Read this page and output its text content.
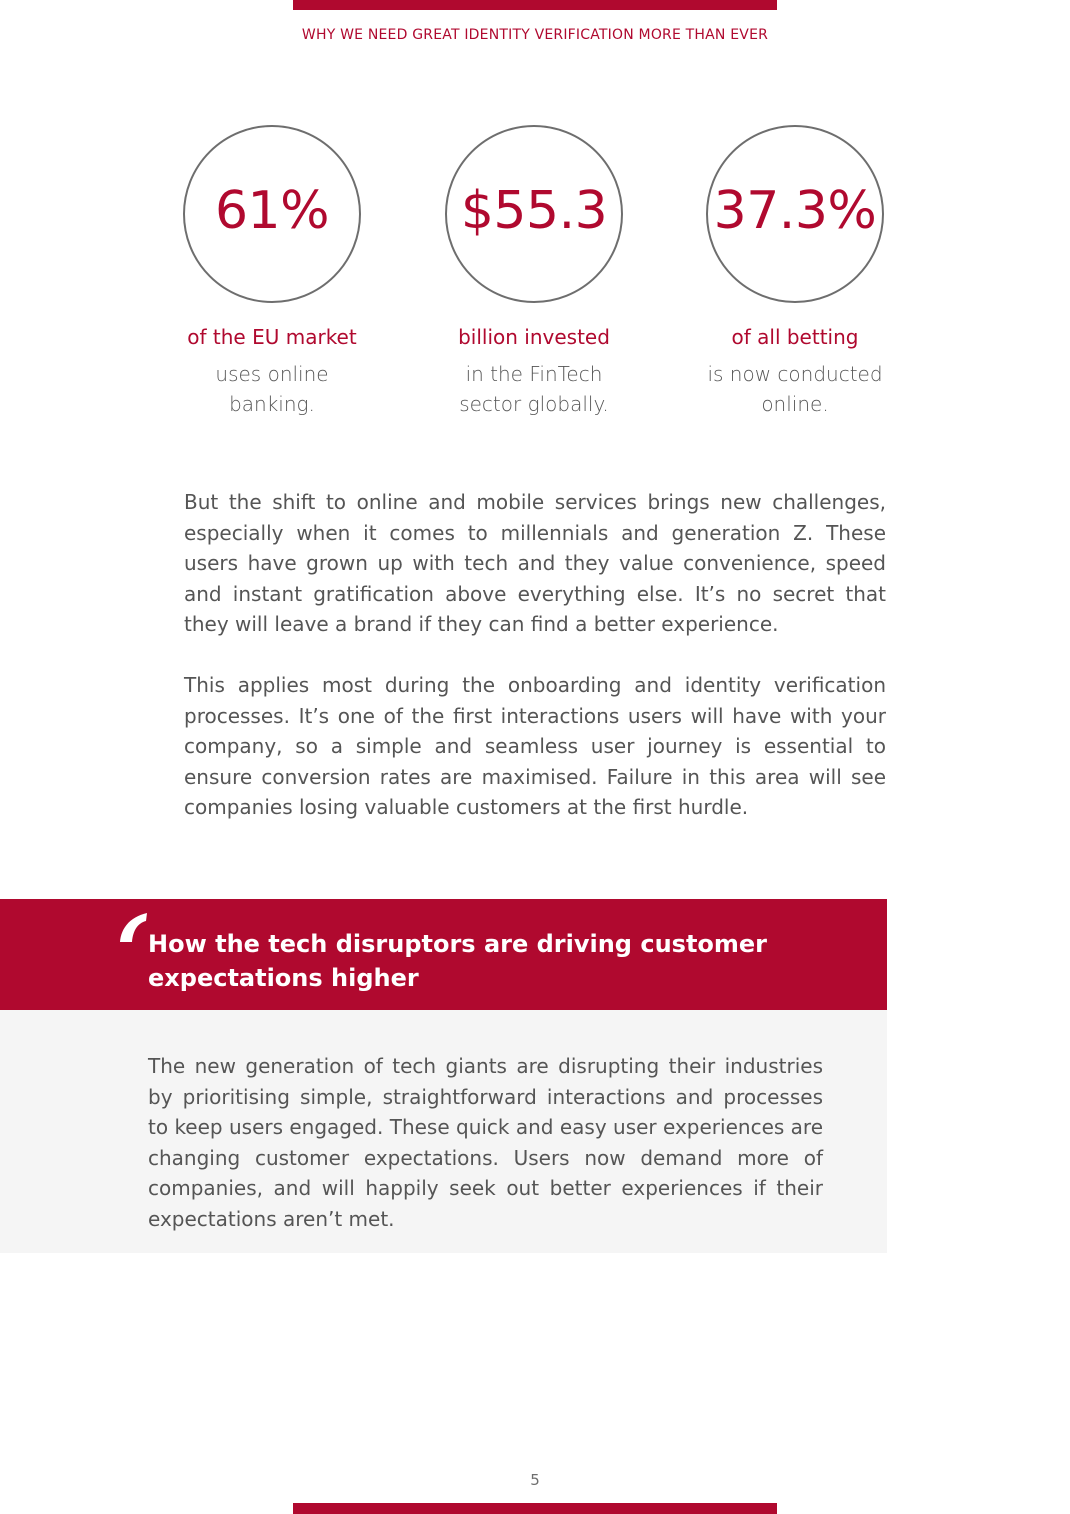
WHY WE NEED GREAT IDENTITY VERIFICATION MORE THAN EVER
61%
of the EU market
uses online
banking.
$55.3
billion invested
in the FinTech
sector globally.
37.3%
of all betting
is now conducted
online.

But the shift to online and mobile services brings new challenges, especially when it comes to millennials and generation Z. These users have grown up with tech and they value convenience, speed and instant gratification above everything else. It’s no secret that they will leave a brand if they can find a better experience.

This applies most during the onboarding and identity verification processes. It’s one of the first interactions users will have with your company, so a simple and seamless user journey is essential to ensure conversion rates are maximised. Failure in this area will see companies losing valuable customers at the first hurdle.

How the tech disruptors are driving customer
expectations higher

The new generation of tech giants are disrupting their industries by prioritising simple, straightforward interactions and processes to keep users engaged. These quick and easy user experiences are changing customer expectations. Users now demand more of companies, and will happily seek out better experiences if their expectations aren’t met.

5
